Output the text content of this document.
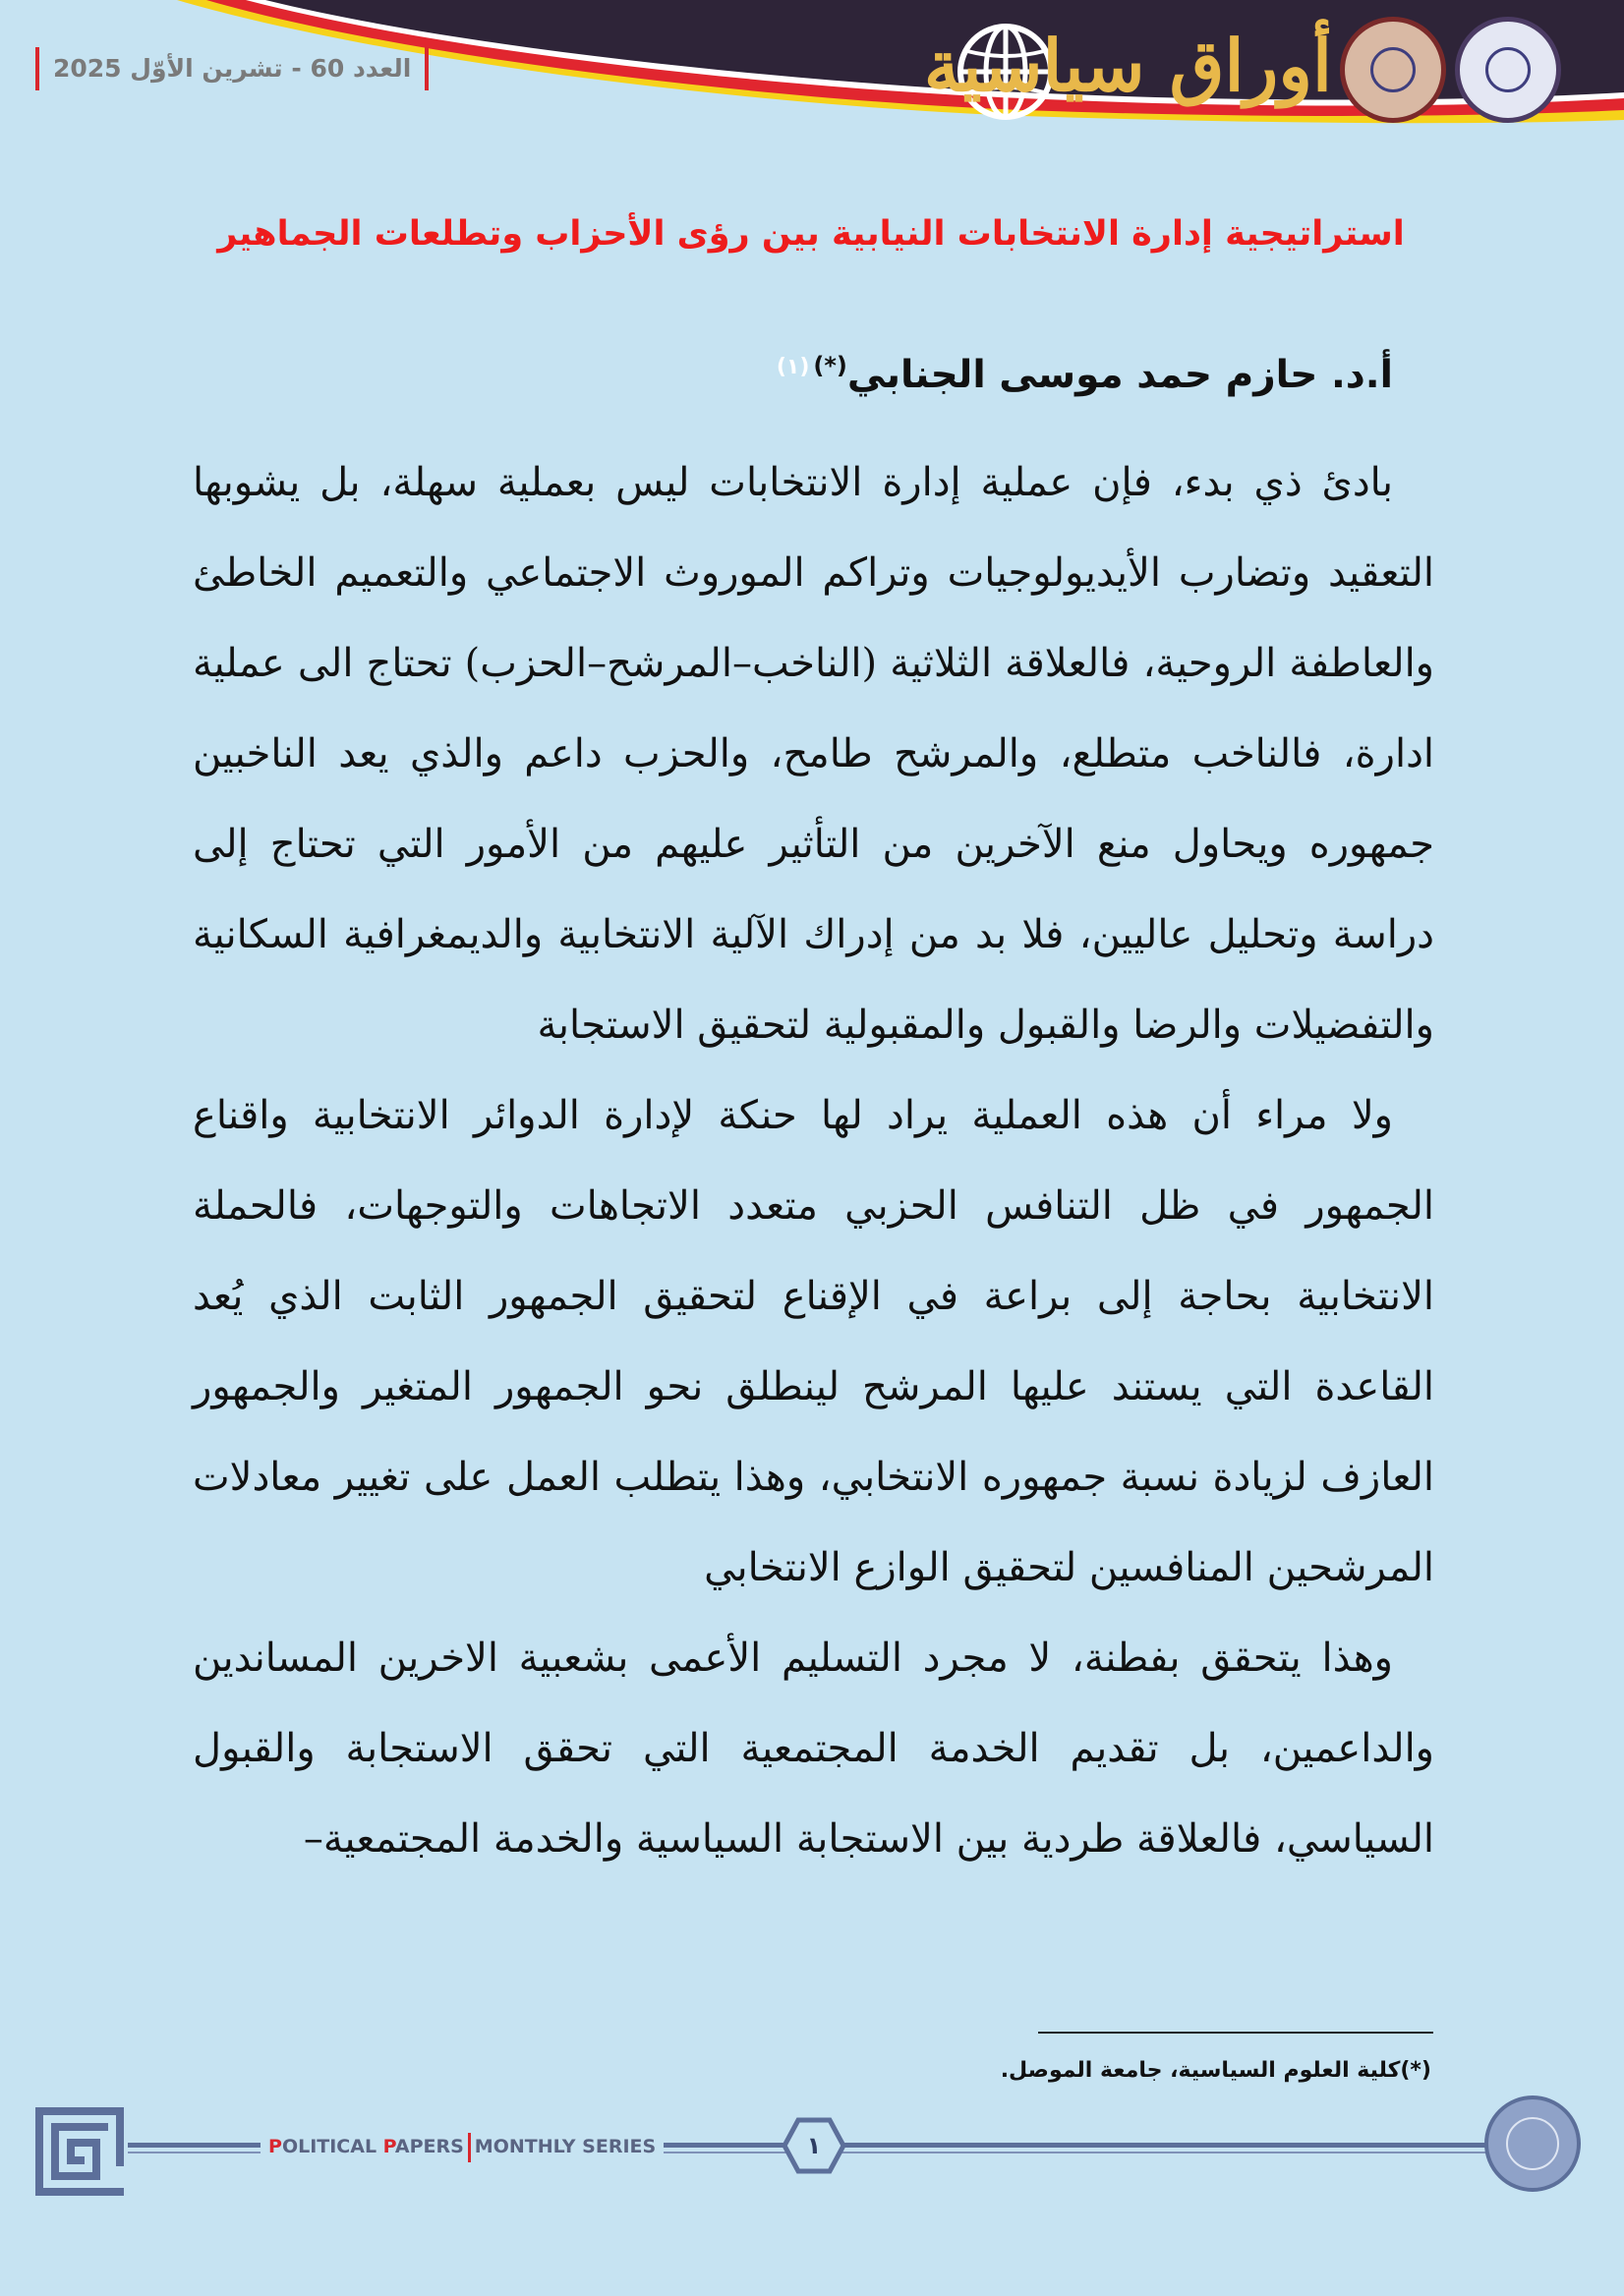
العدد 60 - تشرين الأوّل 2025	أوراق سياسية
استراتيجية إدارة الانتخابات النيابية بين رؤى الأحزاب وتطلعات الجماهير
أ.د. حازم حمد موسى الجنابي$^{(*)(١)}$

بادئ ذي بدء، فإن عملية إدارة الانتخابات ليس بعملية سهلة، بل يشوبها التعقيد وتضارب الأيديولوجيات وتراكم الموروث الاجتماعي والتعميم الخاطئ والعاطفة الروحية، فالعلاقة الثلاثية (الناخب–المرشح–الحزب) تحتاج الى عملية ادارة، فالناخب متطلع، والمرشح طامح، والحزب داعم والذي يعد الناخبين جمهوره ويحاول منع الآخرين من التأثير عليهم من الأمور التي تحتاج إلى دراسة وتحليل عاليين، فلا بد من إدراك الآلية الانتخابية والديمغرافية السكانية والتفضيلات والرضا والقبول والمقبولية لتحقيق الاستجابة

ولا مراء أن هذه العملية يراد لها حنكة لإدارة الدوائر الانتخابية واقناع الجمهور في ظل التنافس الحزبي متعدد الاتجاهات والتوجهات، فالحملة الانتخابية بحاجة إلى براعة في الإقناع لتحقيق الجمهور الثابت الذي يُعد القاعدة التي يستند عليها المرشح لينطلق نحو الجمهور المتغير والجمهور العازف لزيادة نسبة جمهوره الانتخابي، وهذا يتطلب العمل على تغيير معادلات المرشحين المنافسين لتحقيق الوازع الانتخابي

وهذا يتحقق بفطنة، لا مجرد التسليم الأعمى بشعبية الاخرين المساندين والداعمين، بل تقديم الخدمة المجتمعية التي تحقق الاستجابة والقبول السياسي، فالعلاقة طردية بين الاستجابة السياسية والخدمة المجتمعية–

(*)كلية العلوم السياسية، جامعة الموصل.
POLITICAL PAPERS MONTHLY SERIES	١
